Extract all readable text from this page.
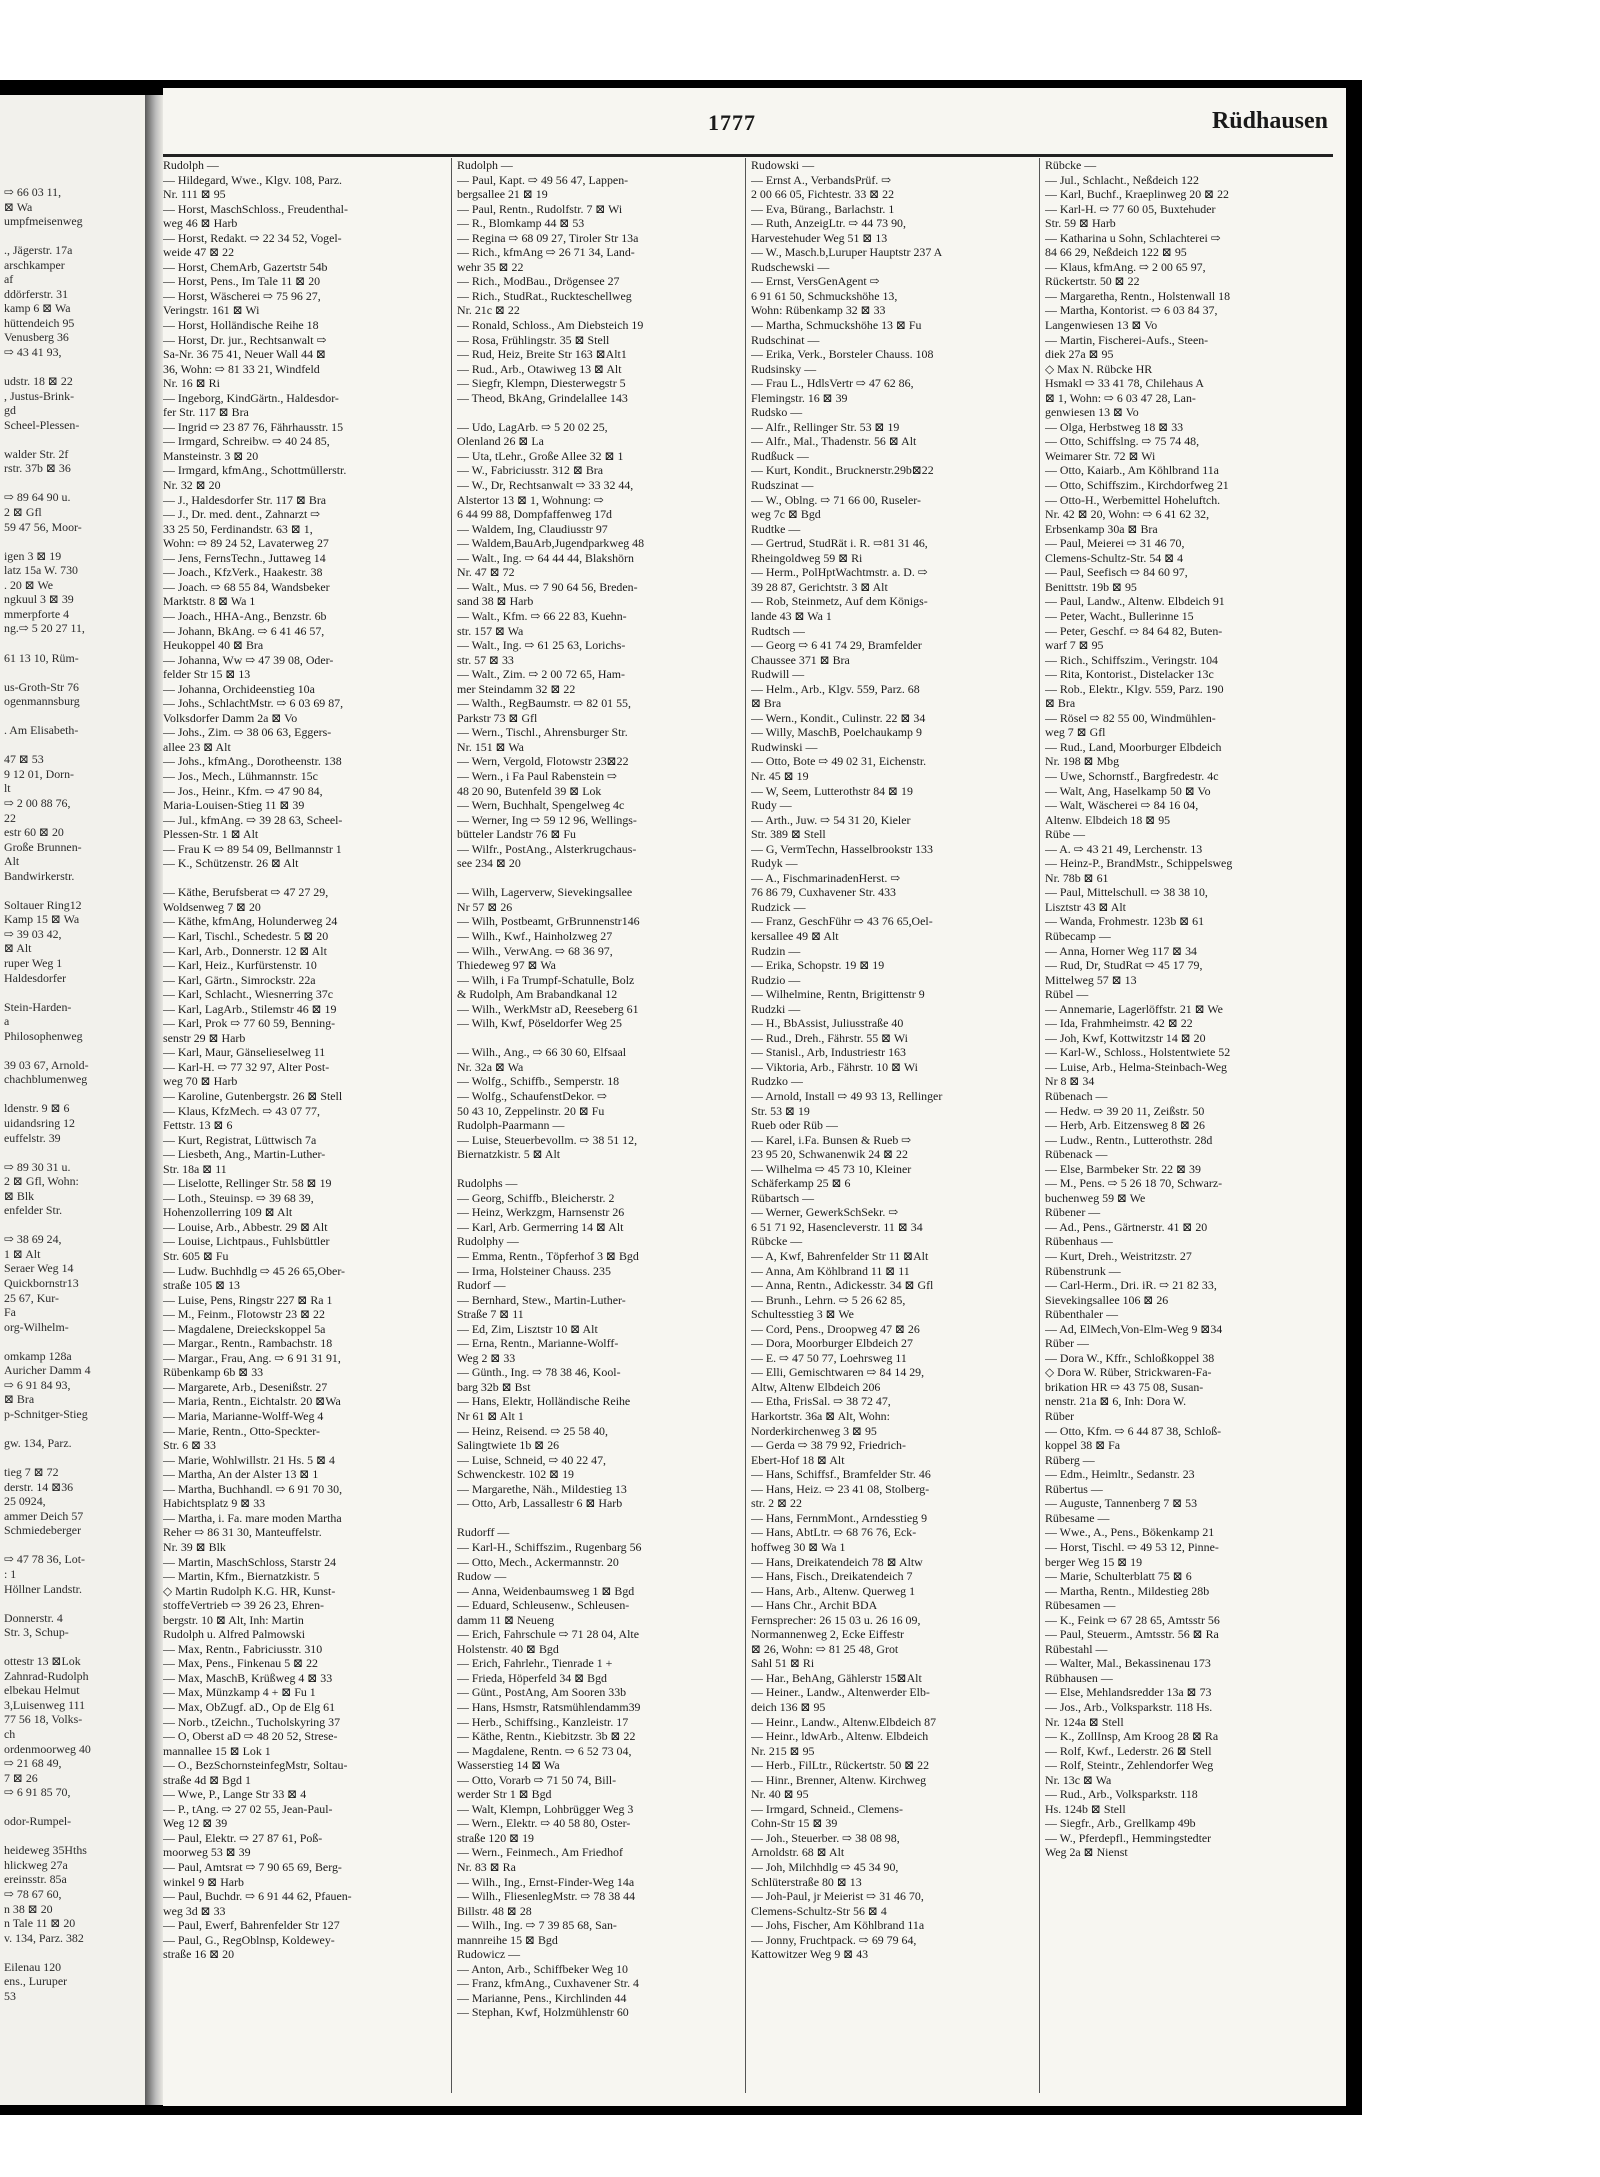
⇨ 66 03 11,
⊠ Wa
umpfmeisenweg

., Jägerstr. 17a
arschkamper
af
ddörferstr. 31
kamp 6 ⊠ Wa
hüttendeich 95
Venusberg 36
⇨ 43 41 93,

udstr. 18 ⊠ 22
, Justus-Brink-
gd
Scheel-Plessen-

walder Str. 2f
rstr. 37b ⊠ 36

⇨ 89 64 90 u.
2 ⊠ Gfl
59 47 56, Moor-

igen 3 ⊠ 19
latz 15a W. 730
. 20 ⊠ We
ngkuul 3 ⊠ 39
mmerpforte 4
ng.⇨ 5 20 27 11,

61 13 10, Rüm-

us-Groth-Str 76
ogenmannsburg

. Am Elisabeth-

47 ⊠ 53
9 12 01, Dorn-
lt
⇨ 2 00 88 76,
22
estr 60 ⊠ 20
Große Brunnen-
Alt
Bandwirkerstr.

Soltauer Ring12
Kamp 15 ⊠ Wa
⇨ 39 03 42,
⊠ Alt
ruper Weg 1
Haldesdorfer

Stein-Harden-
a
Philosophenweg

39 03 67, Arnold-
chachblumenweg

ldenstr. 9 ⊠ 6
uidandsring 12
euffelstr. 39

⇨ 89 30 31 u.
2 ⊠ Gfl, Wohn:
⊠ Blk
enfelder Str.

⇨ 38 69 24,
1 ⊠ Alt
Seraer Weg 14
Quickbornstr13
25 67, Kur-
Fa
org-Wilhelm-

omkamp 128a
Auricher Damm 4
⇨ 6 91 84 93,
⊠ Bra
p-Schnitger-Stieg

gw. 134, Parz.

tieg 7 ⊠ 72
derstr. 14 ⊠36
25 0924,
ammer Deich 57
Schmiedeberger

⇨ 47 78 36, Lot-
: 1
Höllner Landstr.

Donnerstr. 4
Str. 3, Schup-

ottestr 13 ⊠Lok
Zahnrad-Rudolph
elbekau Helmut
3,Luisenweg 111
77 56 18, Volks-
ch
ordenmoorweg 40
⇨ 21 68 49,
7 ⊠ 26
⇨ 6 91 85 70,

odor-Rumpel-

heideweg 35Hths
hlickweg 27a
ereinsstr. 85a
⇨ 78 67 60,
n 38 ⊠ 20
n Tale 11 ⊠ 20
v. 134, Parz. 382

Eilenau 120
ens., Luruper
53
1777	Rüdhausen
Rudolph —
— Hildegard, Wwe., Klgv. 108, Parz.
Nr. 111 ⊠ 95
— Horst, MaschSchloss., Freudenthal-
weg 46 ⊠ Harb
— Horst, Redakt. ⇨ 22 34 52, Vogel-
weide 47 ⊠ 22
— Horst, ChemArb, Gazertstr 54b
— Horst, Pens., Im Tale 11 ⊠ 20
— Horst, Wäscherei ⇨ 75 96 27,
Veringstr. 161 ⊠ Wi
— Horst, Holländische Reihe 18
— Horst, Dr. jur., Rechtsanwalt ⇨
Sa-Nr. 36 75 41, Neuer Wall 44 ⊠
36, Wohn: ⇨ 81 33 21, Windfeld
Nr. 16 ⊠ Ri
— Ingeborg, KindGärtn., Haldesdor-
fer Str. 117 ⊠ Bra
— Ingrid ⇨ 23 87 76, Fährhausstr. 15
— Irmgard, Schreibw. ⇨ 40 24 85,
Mansteinstr. 3 ⊠ 20
— Irmgard, kfmAng., Schottmüllerstr.
Nr. 32 ⊠ 20
— J., Haldesdorfer Str. 117 ⊠ Bra
— J., Dr. med. dent., Zahnarzt ⇨
33 25 50, Ferdinandstr. 63 ⊠ 1,
Wohn: ⇨ 89 24 52, Lavaterweg 27
— Jens, FernsTechn., Juttaweg 14
— Joach., KfzVerk., Haakestr. 38
— Joach. ⇨ 68 55 84, Wandsbeker
Marktstr. 8 ⊠ Wa 1
— Joach., HHA-Ang., Benzstr. 6b
— Johann, BkAng. ⇨ 6 41 46 57,
Heukoppel 40 ⊠ Bra
— Johanna, Ww ⇨ 47 39 08, Oder-
felder Str 15 ⊠ 13
— Johanna, Orchideenstieg 10a
— Johs., SchlachtMstr. ⇨ 6 03 69 87,
Volksdorfer Damm 2a ⊠ Vo
— Johs., Zim. ⇨ 38 06 63, Eggers-
allee 23 ⊠ Alt
— Johs., kfmAng., Dorotheenstr. 138
— Jos., Mech., Lühmannstr. 15c
— Jos., Heinr., Kfm. ⇨ 47 90 84,
Maria-Louisen-Stieg 11 ⊠ 39
— Jul., kfmAng. ⇨ 39 28 63, Scheel-
Plessen-Str. 1 ⊠ Alt
— Frau K ⇨ 89 54 09, Bellmannstr 1
— K., Schützenstr. 26 ⊠ Alt

— Käthe, Berufsberat ⇨ 47 27 29,
Woldsenweg 7 ⊠ 20
— Käthe, kfmAng, Holunderweg 24
— Karl, Tischl., Schedestr. 5 ⊠ 20
— Karl, Arb., Donnerstr. 12 ⊠ Alt
— Karl, Heiz., Kurfürstenstr. 10
— Karl, Gärtn., Simrockstr. 22a
— Karl, Schlacht., Wiesnerring 37c
— Karl, LagArb., Stilemstr 46 ⊠ 19
— Karl, Prok ⇨ 77 60 59, Benning-
senstr 29 ⊠ Harb
— Karl, Maur, Gänselieselweg 11
— Karl-H. ⇨ 77 32 97, Alter Post-
weg 70 ⊠ Harb
— Karoline, Gutenbergstr. 26 ⊠ Stell
— Klaus, KfzMech. ⇨ 43 07 77,
Fettstr. 13 ⊠ 6
— Kurt, Registrat, Lüttwisch 7a
— Liesbeth, Ang., Martin-Luther-
Str. 18a ⊠ 11
— Liselotte, Rellinger Str. 58 ⊠ 19
— Loth., Steuinsp. ⇨ 39 68 39,
Hohenzollerring 109 ⊠ Alt
— Louise, Arb., Abbestr. 29 ⊠ Alt
— Louise, Lichtpaus., Fuhlsbüttler
Str. 605 ⊠ Fu
— Ludw. Buchhdlg ⇨ 45 26 65,Ober-
straße 105 ⊠ 13
— Luise, Pens, Ringstr 227 ⊠ Ra 1
— M., Feinm., Flotowstr 23 ⊠ 22
— Magdalene, Dreieckskoppel 5a
— Margar., Rentn., Rambachstr. 18
— Margar., Frau, Ang. ⇨ 6 91 31 91,
Rübenkamp 6b ⊠ 33
— Margarete, Arb., Desenißstr. 27
— Maria, Rentn., Eichtalstr. 20 ⊠Wa
— Maria, Marianne-Wolff-Weg 4
— Marie, Rentn., Otto-Speckter-
Str. 6 ⊠ 33
— Marie, Wohlwillstr. 21 Hs. 5 ⊠ 4
— Martha, An der Alster 13 ⊠ 1
— Martha, Buchhandl. ⇨ 6 91 70 30,
Habichtsplatz 9 ⊠ 33
— Martha, i. Fa. mare moden Martha
Reher ⇨ 86 31 30, Manteuffelstr.
Nr. 39 ⊠ Blk
— Martin, MaschSchloss, Starstr 24
— Martin, Kfm., Biernatzkistr. 5
◇ Martin Rudolph K.G. HR, Kunst-
stoffeVertrieb ⇨ 39 26 23, Ehren-
bergstr. 10 ⊠ Alt, Inh: Martin
Rudolph u. Alfred Palmowski
— Max, Rentn., Fabriciusstr. 310
— Max, Pens., Finkenau 5 ⊠ 22
— Max, MaschB, Krüßweg 4 ⊠ 33
— Max, Münzkamp 4 + ⊠ Fu 1
— Max, ObZugf. aD., Op de Elg 61
— Norb., tZeichn., Tucholskyring 37
— O, Oberst aD ⇨ 48 20 52, Strese-
mannallee 15 ⊠ Lok 1
— O., BezSchornsteinfegMstr, Soltau-
straße 4d ⊠ Bgd 1
— Wwe, P., Lange Str 33 ⊠ 4
— P., tAng. ⇨ 27 02 55, Jean-Paul-
Weg 12 ⊠ 39
— Paul, Elektr. ⇨ 27 87 61, Poß-
moorweg 53 ⊠ 39
— Paul, Amtsrat ⇨ 7 90 65 69, Berg-
winkel 9 ⊠ Harb
— Paul, Buchdr. ⇨ 6 91 44 62, Pfauen-
weg 3d ⊠ 33
— Paul, Ewerf, Bahrenfelder Str 127
— Paul, G., RegOblnsp, Koldewey-
straße 16 ⊠ 20
Rudolph —
— Paul, Kapt. ⇨ 49 56 47, Lappen-
bergsallee 21 ⊠ 19
— Paul, Rentn., Rudolfstr. 7 ⊠ Wi
— R., Blomkamp 44 ⊠ 53
— Regina ⇨ 68 09 27, Tiroler Str 13a
— Rich., kfmAng ⇨ 26 71 34, Land-
wehr 35 ⊠ 22
— Rich., ModBau., Drögensee 27
— Rich., StudRat., Ruckteschellweg
Nr. 21c ⊠ 22
— Ronald, Schloss., Am Diebsteich 19
— Rosa, Frühlingstr. 35 ⊠ Stell
— Rud, Heiz, Breite Str 163 ⊠Alt1
— Rud., Arb., Otawiweg 13 ⊠ Alt
— Siegfr, Klempn, Diesterwegstr 5
— Theod, BkAng, Grindelallee 143

— Udo, LagArb. ⇨ 5 20 02 25,
Olenland 26 ⊠ La
— Uta, tLehr., Große Allee 32 ⊠ 1
— W., Fabriciusstr. 312 ⊠ Bra
— W., Dr, Rechtsanwalt ⇨ 33 32 44,
Alstertor 13 ⊠ 1, Wohnung: ⇨
6 44 99 88, Dompfaffenweg 17d
— Waldem, Ing, Claudiusstr 97
— Waldem,BauArb,Jugendparkweg 48
— Walt., Ing. ⇨ 64 44 44, Blakshörn
Nr. 47 ⊠ 72
— Walt., Mus. ⇨ 7 90 64 56, Breden-
sand 38 ⊠ Harb
— Walt., Kfm. ⇨ 66 22 83, Kuehn-
str. 157 ⊠ Wa
— Walt., Ing. ⇨ 61 25 63, Lorichs-
str. 57 ⊠ 33
— Walt., Zim. ⇨ 2 00 72 65, Ham-
mer Steindamm 32 ⊠ 22
— Walth., RegBaumstr. ⇨ 82 01 55,
Parkstr 73 ⊠ Gfl
— Wern., Tischl., Ahrensburger Str.
Nr. 151 ⊠ Wa
— Wern, Vergold, Flotowstr 23⊠22
— Wern., i Fa Paul Rabenstein ⇨
48 20 90, Butenfeld 39 ⊠ Lok
— Wern, Buchhalt, Spengelweg 4c
— Werner, Ing ⇨ 59 12 96, Wellings-
bütteler Landstr 76 ⊠ Fu
— Wilfr., PostAng., Alsterkrugchaus-
see 234 ⊠ 20

— Wilh, Lagerverw, Sievekingsallee
Nr 57 ⊠ 26
— Wilh, Postbeamt, GrBrunnenstr146
— Wilh., Kwf., Hainholzweg 27
— Wilh., VerwAng. ⇨ 68 36 97,
Thiedeweg 97 ⊠ Wa
— Wilh, i Fa Trumpf-Schatulle, Bolz
& Rudolph, Am Brabandkanal 12
— Wilh., WerkMstr aD, Reeseberg 61
— Wilh, Kwf, Pöseldorfer Weg 25

— Wilh., Ang., ⇨ 66 30 60, Elfsaal
Nr. 32a ⊠ Wa
— Wolfg., Schiffb., Semperstr. 18
— Wolfg., SchaufenstDekor. ⇨
50 43 10, Zeppelinstr. 20 ⊠ Fu
Rudolph-Paarmann —
— Luise, Steuerbevollm. ⇨ 38 51 12,
Biernatzkistr. 5 ⊠ Alt

Rudolphs —
— Georg, Schiffb., Bleicherstr. 2
— Heinz, Werkzgm, Harnsenstr 26
— Karl, Arb. Germerring 14 ⊠ Alt
Rudolphy —
— Emma, Rentn., Töpferhof 3 ⊠ Bgd
— Irma, Holsteiner Chauss. 235
Rudorf —
— Bernhard, Stew., Martin-Luther-
Straße 7 ⊠ 11
— Ed, Zim, Lisztstr 10 ⊠ Alt
— Erna, Rentn., Marianne-Wolff-
Weg 2 ⊠ 33
— Günth., Ing. ⇨ 78 38 46, Kool-
barg 32b ⊠ Bst
— Hans, Elektr, Holländische Reihe
Nr 61 ⊠ Alt 1
— Heinz, Reisend. ⇨ 25 58 40,
Salingtwiete 1b ⊠ 26
— Luise, Schneid, ⇨ 40 22 47,
Schwenckestr. 102 ⊠ 19
— Margarethe, Näh., Mildestieg 13
— Otto, Arb, Lassallestr 6 ⊠ Harb

Rudorff —
— Karl-H., Schiffszim., Rugenbarg 56
— Otto, Mech., Ackermannstr. 20
Rudow —
— Anna, Weidenbaumsweg 1 ⊠ Bgd
— Eduard, Schleusenw., Schleusen-
damm 11 ⊠ Neueng
— Erich, Fahrschule ⇨ 71 28 04, Alte
Holstenstr. 40 ⊠ Bgd
— Erich, Fahrlehr., Tienrade 1 +
— Frieda, Höperfeld 34 ⊠ Bgd
— Günt., PostAng, Am Sooren 33b
— Hans, Hsmstr, Ratsmühlendamm39
— Herb., Schiffsing., Kanzleistr. 17
— Käthe, Rentn., Kiebitzstr. 3b ⊠ 22
— Magdalene, Rentn. ⇨ 6 52 73 04,
Wasserstieg 14 ⊠ Wa
— Otto, Vorarb ⇨ 71 50 74, Bill-
werder Str 1 ⊠ Bgd
— Walt, Klempn, Lohbrügger Weg 3
— Wern., Elektr. ⇨ 40 58 80, Oster-
straße 120 ⊠ 19
— Wern., Feinmech., Am Friedhof
Nr. 83 ⊠ Ra
— Wilh., Ing., Ernst-Finder-Weg 14a
— Wilh., FliesenlegMstr. ⇨ 78 38 44
Billstr. 48 ⊠ 28
— Wilh., Ing. ⇨ 7 39 85 68, San-
mannreihe 15 ⊠ Bgd
Rudowicz —
— Anton, Arb., Schiffbeker Weg 10
— Franz, kfmAng., Cuxhavener Str. 4
— Marianne, Pens., Kirchlinden 44
— Stephan, Kwf, Holzmühlenstr 60
Rudowski —
— Ernst A., VerbandsPrüf. ⇨
2 00 66 05, Fichtestr. 33 ⊠ 22
— Eva, Bürang., Barlachstr. 1
— Ruth, AnzeigLtr. ⇨ 44 73 90,
Harvestehuder Weg 51 ⊠ 13
— W., Masch.b,Luruper Hauptstr 237 A
Rudschewski —
— Ernst, VersGenAgent ⇨
6 91 61 50, Schmuckshöhe 13,
Wohn: Rübenkamp 32 ⊠ 33
— Martha, Schmuckshöhe 13 ⊠ Fu
Rudschinat —
— Erika, Verk., Borsteler Chauss. 108
Rudsinsky —
— Frau L., HdlsVertr ⇨ 47 62 86,
Flemingstr. 16 ⊠ 39
Rudsko —
— Alfr., Rellinger Str. 53 ⊠ 19
— Alfr., Mal., Thadenstr. 56 ⊠ Alt
Rudßuck —
— Kurt, Kondit., Brucknerstr.29b⊠22
Rudszinat —
— W., Oblng. ⇨ 71 66 00, Ruseler-
weg 7c ⊠ Bgd
Rudtke —
— Gertrud, StudRät i. R. ⇨81 31 46,
Rheingoldweg 59 ⊠ Ri
— Herm., PolHptWachtmstr. a. D. ⇨
39 28 87, Gerichtstr. 3 ⊠ Alt
— Rob, Steinmetz, Auf dem Königs-
lande 43 ⊠ Wa 1
Rudtsch —
— Georg ⇨ 6 41 74 29, Bramfelder
Chaussee 371 ⊠ Bra
Rudwill —
— Helm., Arb., Klgv. 559, Parz. 68
⊠ Bra
— Wern., Kondit., Culinstr. 22 ⊠ 34
— Willy, MaschB, Poelchaukamp 9
Rudwinski —
— Otto, Bote ⇨ 49 02 31, Eichenstr.
Nr. 45 ⊠ 19
— W, Seem, Lutterothstr 84 ⊠ 19
Rudy —
— Arth., Juw. ⇨ 54 31 20, Kieler
Str. 389 ⊠ Stell
— G, VermTechn, Hasselbrookstr 133
Rudyk —
— A., FischmarinadenHerst. ⇨
76 86 79, Cuxhavener Str. 433
Rudzick —
— Franz, GeschFühr ⇨ 43 76 65,Oel-
kersallee 49 ⊠ Alt
Rudzin —
— Erika, Schopstr. 19 ⊠ 19
Rudzio —
— Wilhelmine, Rentn, Brigittenstr 9
Rudzki —
— H., BbAssist, Juliusstraße 40
— Rud., Dreh., Fährstr. 55 ⊠ Wi
— Stanisl., Arb, Industriestr 163
— Viktoria, Arb., Fährstr. 10 ⊠ Wi
Rudzko —
— Arnold, Install ⇨ 49 93 13, Rellinger
Str. 53 ⊠ 19
Rueb oder Rüb —
— Karel, i.Fa. Bunsen & Rueb ⇨
23 95 20, Schwanenwik 24 ⊠ 22
— Wilhelma ⇨ 45 73 10, Kleiner
Schäferkamp 25 ⊠ 6
Rübartsch —
— Werner, GewerkSchSekr. ⇨
6 51 71 92, Hasencleverstr. 11 ⊠ 34
Rübcke —
— A, Kwf, Bahrenfelder Str 11 ⊠Alt
— Anna, Am Köhlbrand 11 ⊠ 11
— Anna, Rentn., Adickesstr. 34 ⊠ Gfl
— Brunh., Lehrn. ⇨ 5 26 62 85,
Schultesstieg 3 ⊠ We
— Cord, Pens., Droopweg 47 ⊠ 26
— Dora, Moorburger Elbdeich 27
— E. ⇨ 47 50 77, Loehrsweg 11
— Elli, Gemischtwaren ⇨ 84 14 29,
Altw, Altenw Elbdeich 206
— Etha, FrisSal. ⇨ 38 72 47,
Harkortstr. 36a ⊠ Alt, Wohn:
Norderkirchenweg 3 ⊠ 95
— Gerda ⇨ 38 79 92, Friedrich-
Ebert-Hof 18 ⊠ Alt
— Hans, Schiffsf., Bramfelder Str. 46
— Hans, Heiz. ⇨ 23 41 08, Stolberg-
str. 2 ⊠ 22
— Hans, FernmMont., Arndesstieg 9
— Hans, AbtLtr. ⇨ 68 76 76, Eck-
hoffweg 30 ⊠ Wa 1
— Hans, Dreikatendeich 78 ⊠ Altw
— Hans, Fisch., Dreikatendeich 7
— Hans, Arb., Altenw. Querweg 1
— Hans Chr., Archit BDA
Fernsprecher: 26 15 03 u. 26 16 09,
Normannenweg 2, Ecke Eiffestr
⊠ 26, Wohn: ⇨ 81 25 48, Grot
Sahl 51 ⊠ Ri
— Har., BehAng, Gählerstr 15⊠Alt
— Heiner., Landw., Altenwerder Elb-
deich 136 ⊠ 95
— Heinr., Landw., Altenw.Elbdeich 87
— Heinr., ldwArb., Altenw. Elbdeich
Nr. 215 ⊠ 95
— Herb., FilLtr., Rückertstr. 50 ⊠ 22
— Hinr., Brenner, Altenw. Kirchweg
Nr. 40 ⊠ 95
— Irmgard, Schneid., Clemens-
Cohn-Str 15 ⊠ 39
— Joh., Steuerber. ⇨ 38 08 98,
Arnoldstr. 68 ⊠ Alt
— Joh, Milchhdlg ⇨ 45 34 90,
Schlüterstraße 80 ⊠ 13
— Joh-Paul, jr Meierist ⇨ 31 46 70,
Clemens-Schultz-Str 56 ⊠ 4
— Johs, Fischer, Am Köhlbrand 11a
— Jonny, Fruchtpack. ⇨ 69 79 64,
Kattowitzer Weg 9 ⊠ 43
Rübcke —
— Jul., Schlacht., Neßdeich 122
— Karl, Buchf., Kraeplinweg 20 ⊠ 22
— Karl-H. ⇨ 77 60 05, Buxtehuder
Str. 59 ⊠ Harb
— Katharina u Sohn, Schlachterei ⇨
84 66 29, Neßdeich 122 ⊠ 95
— Klaus, kfmAng. ⇨ 2 00 65 97,
Rückertstr. 50 ⊠ 22
— Margaretha, Rentn., Holstenwall 18
— Martha, Kontorist. ⇨ 6 03 84 37,
Langenwiesen 13 ⊠ Vo
— Martin, Fischerei-Aufs., Steen-
diek 27a ⊠ 95
◇ Max N. Rübcke HR
Hsmakl ⇨ 33 41 78, Chilehaus A
⊠ 1, Wohn: ⇨ 6 03 47 28, Lan-
genwiesen 13 ⊠ Vo
— Olga, Herbstweg 18 ⊠ 33
— Otto, Schiffslng. ⇨ 75 74 48,
Weimarer Str. 72 ⊠ Wi
— Otto, Kaiarb., Am Köhlbrand 11a
— Otto, Schiffszim., Kirchdorfweg 21
— Otto-H., Werbemittel Hoheluftch.
Nr. 42 ⊠ 20, Wohn: ⇨ 6 41 62 32,
Erbsenkamp 30a ⊠ Bra
— Paul, Meierei ⇨ 31 46 70,
Clemens-Schultz-Str. 54 ⊠ 4
— Paul, Seefisch ⇨ 84 60 97,
Benittstr. 19b ⊠ 95
— Paul, Landw., Altenw. Elbdeich 91
— Peter, Wacht., Bullerinne 15
— Peter, Geschf. ⇨ 84 64 82, Buten-
warf 7 ⊠ 95
— Rich., Schiffszim., Veringstr. 104
— Rita, Kontorist., Distelacker 13c
— Rob., Elektr., Klgv. 559, Parz. 190
⊠ Bra
— Rösel ⇨ 82 55 00, Windmühlen-
weg 7 ⊠ Gfl
— Rud., Land, Moorburger Elbdeich
Nr. 198 ⊠ Mbg
— Uwe, Schornstf., Bargfredestr. 4c
— Walt, Ang, Haselkamp 50 ⊠ Vo
— Walt, Wäscherei ⇨ 84 16 04,
Altenw. Elbdeich 18 ⊠ 95
Rübe —
— A. ⇨ 43 21 49, Lerchenstr. 13
— Heinz-P., BrandMstr., Schippelsweg
Nr. 78b ⊠ 61
— Paul, Mittelschull. ⇨ 38 38 10,
Lisztstr 43 ⊠ Alt
— Wanda, Frohmestr. 123b ⊠ 61
Rübecamp —
— Anna, Horner Weg 117 ⊠ 34
— Rud, Dr, StudRat ⇨ 45 17 79,
Mittelweg 57 ⊠ 13
Rübel —
— Annemarie, Lagerlöffstr. 21 ⊠ We
— Ida, Frahmheimstr. 42 ⊠ 22
— Joh, Kwf, Kottwitzstr 14 ⊠ 20
— Karl-W., Schloss., Holstentwiete 52
— Luise, Arb., Helma-Steinbach-Weg
Nr 8 ⊠ 34
Rübenach —
— Hedw. ⇨ 39 20 11, Zeißstr. 50
— Herb, Arb. Eitzensweg 8 ⊠ 26
— Ludw., Rentn., Lutterothstr. 28d
Rübenack —
— Else, Barmbeker Str. 22 ⊠ 39
— M., Pens. ⇨ 5 26 18 70, Schwarz-
buchenweg 59 ⊠ We
Rübener —
— Ad., Pens., Gärtnerstr. 41 ⊠ 20
Rübenhaus —
— Kurt, Dreh., Weistritzstr. 27
Rübenstrunk —
— Carl-Herm., Dri. iR. ⇨ 21 82 33,
Sievekingsallee 106 ⊠ 26
Rübenthaler —
— Ad, ElMech,Von-Elm-Weg 9 ⊠34
Rüber —
— Dora W., Kffr., Schloßkoppel 38
◇ Dora W. Rüber, Strickwaren-Fa-
brikation HR ⇨ 43 75 08, Susan-
nenstr. 21a ⊠ 6, Inh: Dora W.
Rüber
— Otto, Kfm. ⇨ 6 44 87 38, Schloß-
koppel 38 ⊠ Fa
Rüberg —
— Edm., Heimltr., Sedanstr. 23
Rübertus —
— Auguste, Tannenberg 7 ⊠ 53
Rübesame —
— Wwe., A., Pens., Bökenkamp 21
— Horst, Tischl. ⇨ 49 53 12, Pinne-
berger Weg 15 ⊠ 19
— Marie, Schulterblatt 75 ⊠ 6
— Martha, Rentn., Mildestieg 28b
Rübesamen —
— K., Feink ⇨ 67 28 65, Amtsstr 56
— Paul, Steuerm., Amtsstr. 56 ⊠ Ra
Rübestahl —
— Walter, Mal., Bekassinenau 173
Rübhausen —
— Else, Mehlandsredder 13a ⊠ 73
— Jos., Arb., Volksparkstr. 118 Hs.
Nr. 124a ⊠ Stell
— K., ZollInsp, Am Kroog 28 ⊠ Ra
— Rolf, Kwf., Lederstr. 26 ⊠ Stell
— Rolf, Steintr., Zehlendorfer Weg
Nr. 13c ⊠ Wa
— Rud., Arb., Volksparkstr. 118
Hs. 124b ⊠ Stell
— Siegfr., Arb., Grellkamp 49b
— W., Pferdepfl., Hemmingstedter
Weg 2a ⊠ Nienst
